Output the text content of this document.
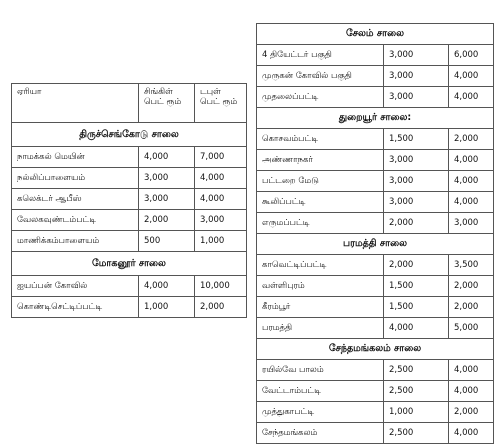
ஏரியா	சிங்கிள் பெட் ரூம்	டபுள் பெட் ரூம்
திருச்செங்கோடு சாலை		
நாமக்கல் மெயின்	4,000	7,000
நல்லிப்பாளையம்	3,000	4,000
கலெக்டர் ஆபீஸ்	3,000	4,000
வேலகவுண்டம்பட்டி	2,000	3,000
மாணிக்கம்பாளையம்	500	1,000
மோகனூர் சாலை		
ஐயப்பன் கோவில்	4,000	10,000
கொண்டிசெட்டிப்பட்டி	1,000	2,000
சேலம் சாலை		
4 தியேட்டர் பகுதி	3,000	6,000
முருகன் கோவில் பகுதி	3,000	4,000
முதலைப்பட்டி	3,000	4,000
துறையூர் சாலை:		
கொசவம்பட்டி	1,500	2,000
அண்ணாநகர்	3,000	4,000
பட்டறை மேடு	3,000	4,000
கூலிப்பட்டி	3,000	4,000
எருமப்பட்டி	2,000	3,000
பரமத்தி சாலை		
காவெட்டிப்பட்டி	2,000	3,500
வள்ளிபுரம்	1,500	2,000
கீரம்பூர்	1,500	2,000
பரமத்தி	4,000	5,000
சேந்தமங்கலம் சாலை		
ரயில்வே பாலம்	2,500	4,000
வேட்டாம்பட்டி	2,500	4,000
முத்துகாபட்டி	1,000	2,000
சேந்தமங்கலம்	2,500	4,000
